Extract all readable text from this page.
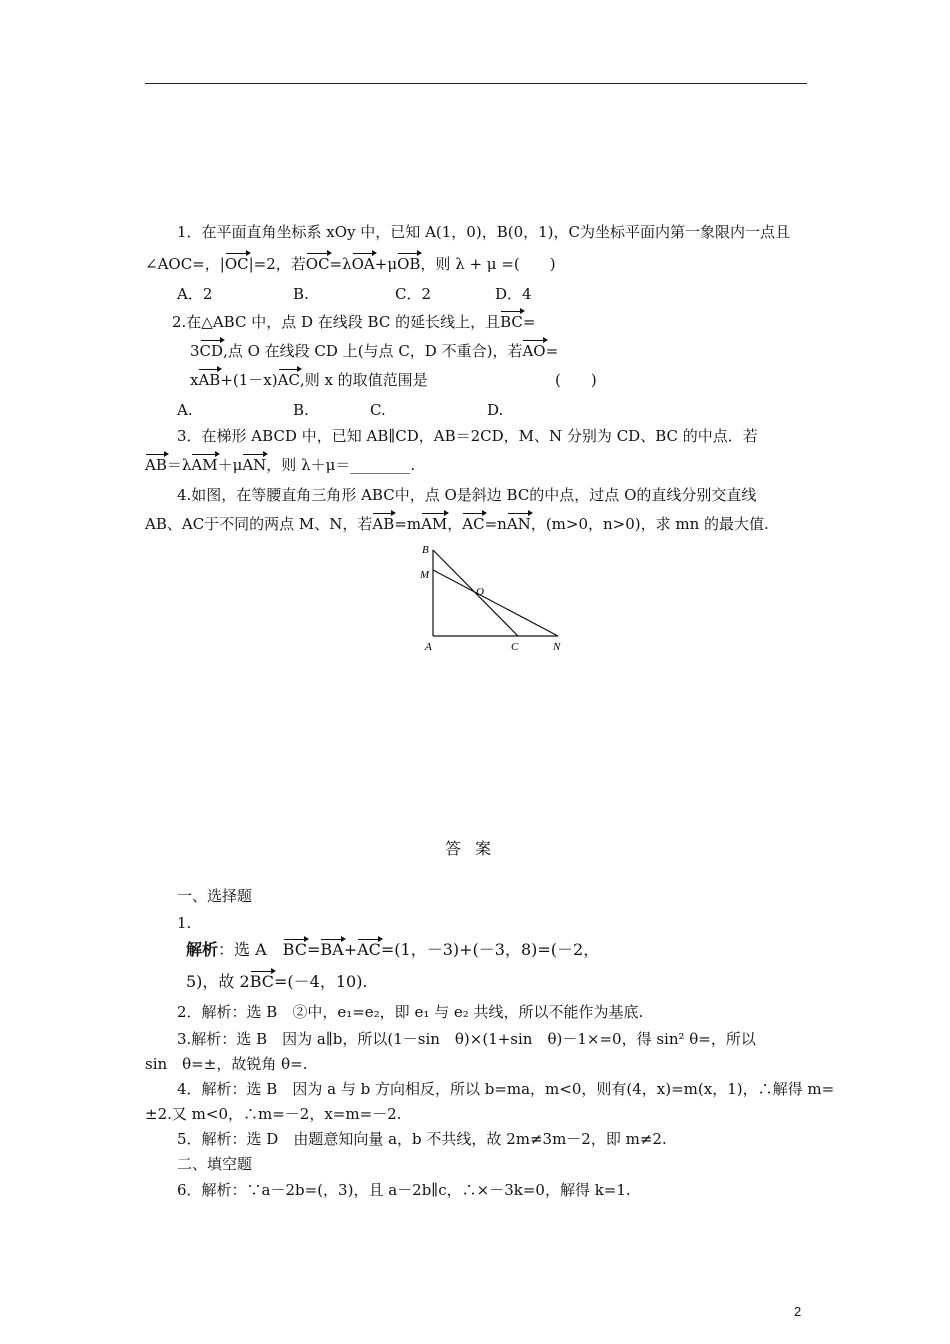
1．在平面直角坐标系 xOy 中，已知 A(1，0)，B(0，1)，C为坐标平面内第一象限内一点且
∠AOC=，|OC|=2，若OC=λOA+μOB，则 λ + μ =(　　)
A．2	B.	C．2	D．4
2.在△ABC 中，点 D 在线段 BC 的延长线上，且BC=
3CD,点 O 在线段 CD 上(与点 C，D 不重合)，若AO=
xAB+(1－x)AC,则 x 的取值范围是	(　　)
A.	B.	C.	D.
3．在梯形 ABCD 中，已知 AB∥CD，AB＝2CD，M、N 分别为 CD、BC 的中点．若
AB＝λAM＋μAN，则 λ＋μ＝________.
4.如图，在等腰直角三角形 ABC中，点 O是斜边 BC的中点，过点 O的直线分别交直线
AB、AC于不同的两点 M、N，若AB=mAM，AC=nAN，(m>0，n>0)，求 mn 的最大值.
B
M
O
A	C	N
答案
一、选择题
1.
解析：选 A　BC=BA+AC=(1，－3)+(－3，8)=(－2，
5)，故 2BC=(－4，10).
2．解析：选 B　②中，e₁=e₂，即 e₁ 与 e₂ 共线，所以不能作为基底.
3.解析：选 B　因为 a∥b，所以(1－sin　θ)×(1+sin　θ)－1×=0，得 sin² θ=，所以
sin　θ=±，故锐角 θ=.
4．解析：选 B　因为 a 与 b 方向相反，所以 b=ma，m<0，则有(4，x)=m(x，1)，∴解得 m=
±2.又 m<0，∴m=－2，x=m=－2.
5．解析：选 D　由题意知向量 a，b 不共线，故 2m≠3m－2，即 m≠2.
二、填空题
6．解析：∵a－2b=(，3)，且 a－2b∥c，∴×－3k=0，解得 k=1.
2
